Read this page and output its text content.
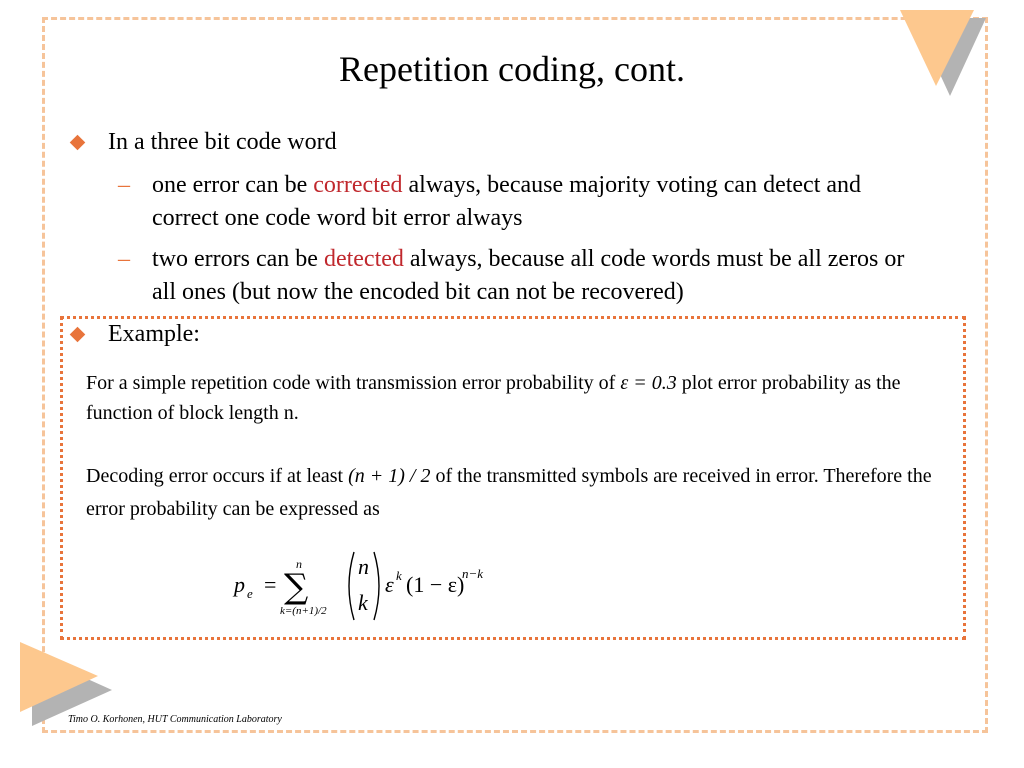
Repetition coding, cont.
In a three bit code word
– one error can be corrected always, because majority voting can detect and correct one code word bit error always
– two errors can be detected always, because all code words must be all zeros or all ones (but now the encoded bit can not be recovered)
Example:
For a simple repetition code with transmission error probability of ε = 0.3 plot error probability as the function of block length n.
Decoding error occurs if at least (n + 1) / 2 of the transmitted symbols are received in error. Therefore the error probability can be expressed as
p e =
n
∑
k=(n+1)/2
n
k
ε k (1 − ε)
n−k
Timo O. Korhonen, HUT Communication Laboratory
